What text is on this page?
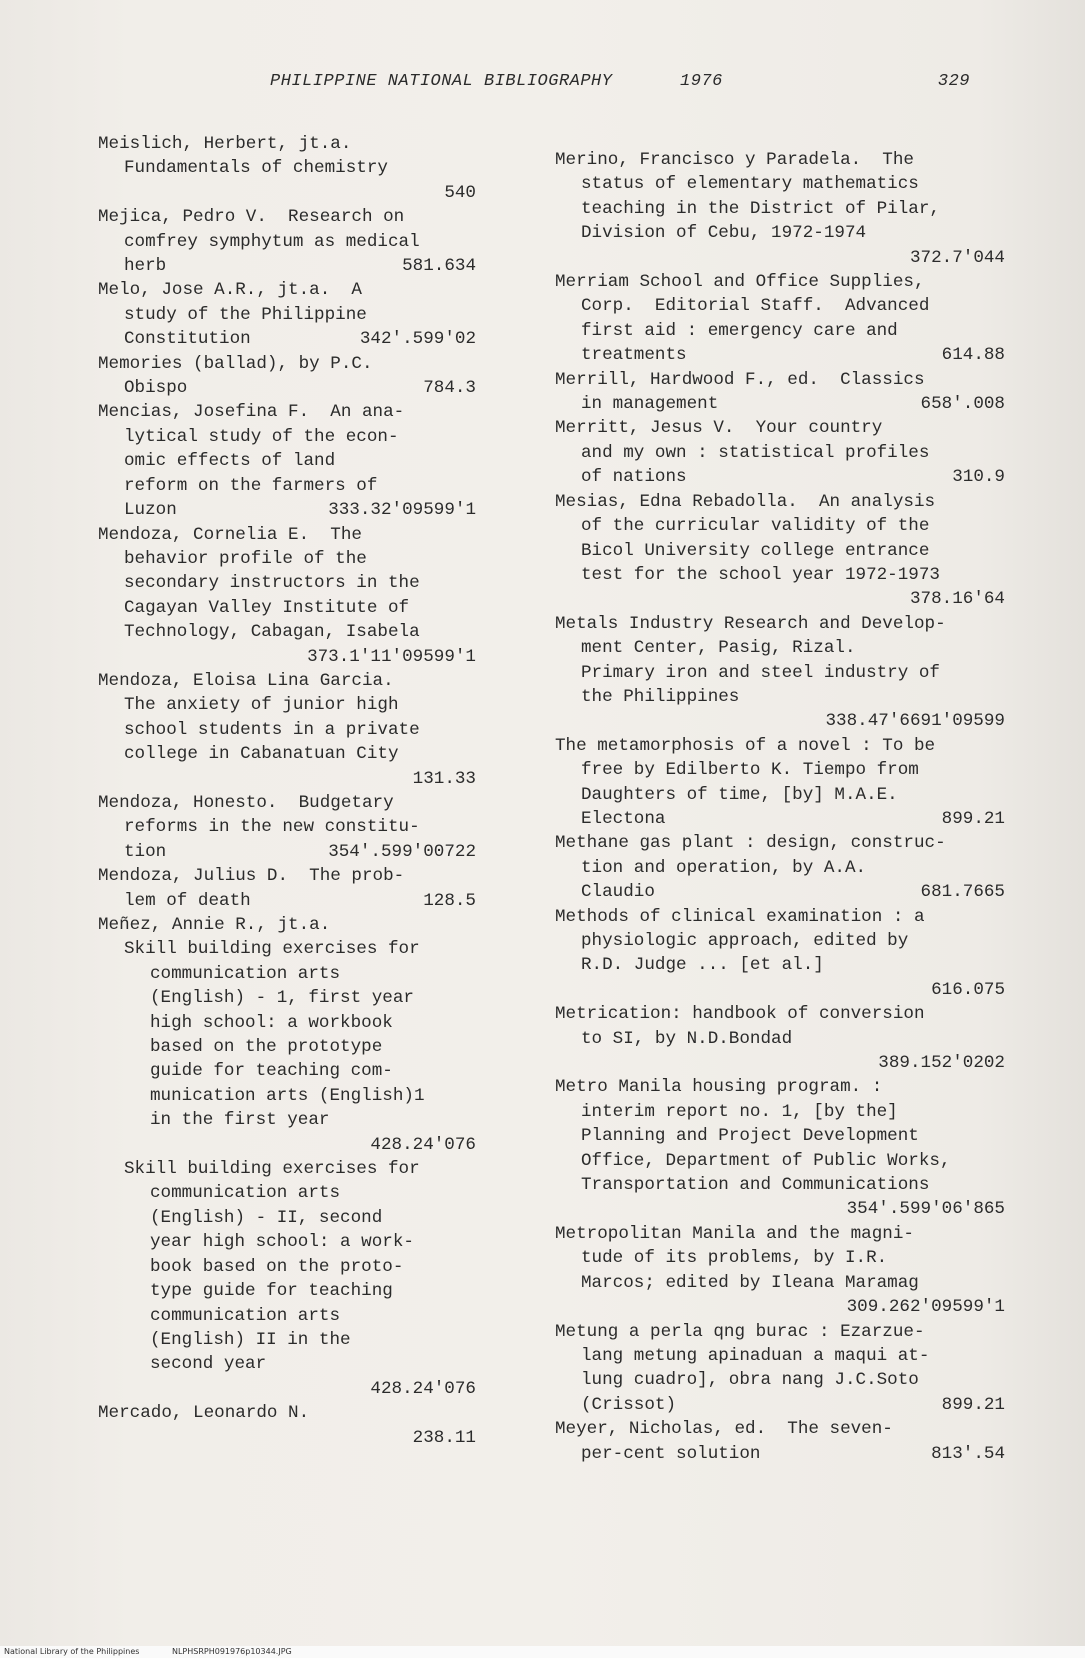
PHILIPPINE NATIONAL BIBLIOGRAPHY	1976	329
Meislich, Herbert, jt.a.
Fundamentals of chemistry
540
Mejica, Pedro V.  Research on
comfrey symphytum as medical
herb	581.634
Melo, Jose A.R., jt.a.  A
study of the Philippine
Constitution	342'.599'02
Memories (ballad), by P.C.
Obispo	784.3
Mencias, Josefina F.  An ana-
lytical study of the econ-
omic effects of land
reform on the farmers of
Luzon	333.32'09599'1
Mendoza, Cornelia E.  The
behavior profile of the
secondary instructors in the
Cagayan Valley Institute of
Technology, Cabagan, Isabela
373.1'11'09599'1
Mendoza, Eloisa Lina Garcia.
The anxiety of junior high
school students in a private
college in Cabanatuan City
131.33
Mendoza, Honesto.  Budgetary
reforms in the new constitu-
tion	354'.599'00722
Mendoza, Julius D.  The prob-
lem of death	128.5
Meñez, Annie R., jt.a.
Skill building exercises for
communication arts
(English) - 1, first year
high school: a workbook
based on the prototype
guide for teaching com-
munication arts (English)1
in the first year
428.24'076
Skill building exercises for
communication arts
(English) - II, second
year high school: a work-
book based on the proto-
type guide for teaching
communication arts
(English) II in the
second year
428.24'076
Mercado, Leonardo N.
238.11
Merino, Francisco y Paradela.  The
status of elementary mathematics
teaching in the District of Pilar,
Division of Cebu, 1972-1974
372.7'044
Merriam School and Office Supplies,
Corp.  Editorial Staff.  Advanced
first aid : emergency care and
treatments	614.88
Merrill, Hardwood F., ed.  Classics
in management	658'.008
Merritt, Jesus V.  Your country
and my own : statistical profiles
of nations	310.9
Mesias, Edna Rebadolla.  An analysis
of the curricular validity of the
Bicol University college entrance
test for the school year 1972-1973
378.16'64
Metals Industry Research and Develop-
ment Center, Pasig, Rizal.
Primary iron and steel industry of
the Philippines
338.47'6691'09599
The metamorphosis of a novel : To be
free by Edilberto K. Tiempo from
Daughters of time, [by] M.A.E.
Electona	899.21
Methane gas plant : design, construc-
tion and operation, by A.A.
Claudio	681.7665
Methods of clinical examination : a
physiologic approach, edited by
R.D. Judge ... [et al.]
616.075
Metrication: handbook of conversion
to SI, by N.D.Bondad
389.152'0202
Metro Manila housing program. :
interim report no. 1, [by the]
Planning and Project Development
Office, Department of Public Works,
Transportation and Communications
354'.599'06'865
Metropolitan Manila and the magni-
tude of its problems, by I.R.
Marcos; edited by Ileana Maramag
309.262'09599'1
Metung a perla qng burac : Ezarzue-
lang metung apinaduan a maqui at-
lung cuadro], obra nang J.C.Soto
(Crissot)	899.21
Meyer, Nicholas, ed.  The seven-
per-cent solution	813'.54
National Library of the Philippines	NLPHSRPH091976p10344.JPG
